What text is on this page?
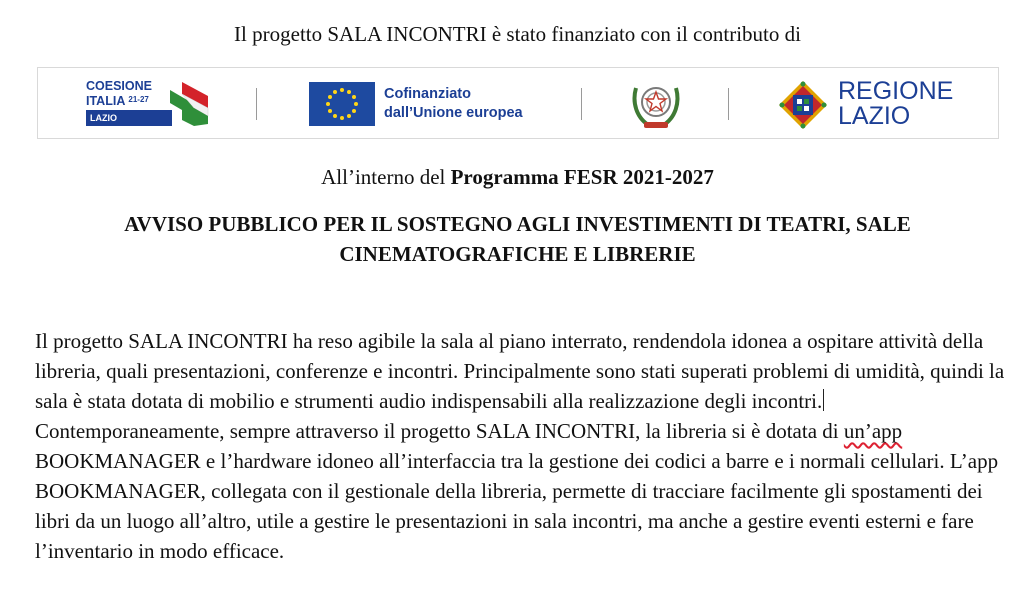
Il progetto SALA INCONTRI è stato finanziato con il contributo di
COESIONE
ITALIA $^{21-27}$
LAZIO
Cofinanziato
dall’Unione europea
REGIONE
LAZIO
All’interno del Programma FESR 2021-2027
AVVISO PUBBLICO PER IL SOSTEGNO AGLI INVESTIMENTI DI TEATRI, SALE
CINEMATOGRAFICHE E LIBRERIE

Il progetto SALA INCONTRI ha reso agibile la sala al piano interrato, rendendola idonea a ospitare attività della libreria, quali presentazioni, conferenze e incontri. Principalmente sono stati superati problemi di umidità, quindi la sala è stata dotata di mobilio e strumenti audio indispensabili alla realizzazione degli incontri.

Contemporaneamente, sempre attraverso il progetto SALA INCONTRI, la libreria si è dotata di un’app BOOKMANAGER e l’hardware idoneo all’interfaccia tra la gestione dei codici a barre e i normali cellulari. L’app BOOKMANAGER, collegata con il gestionale della libreria, permette di tracciare facilmente gli spostamenti dei libri da un luogo all’altro, utile a gestire le presentazioni in sala incontri, ma anche a gestire eventi esterni e fare l’inventario in modo efficace.
